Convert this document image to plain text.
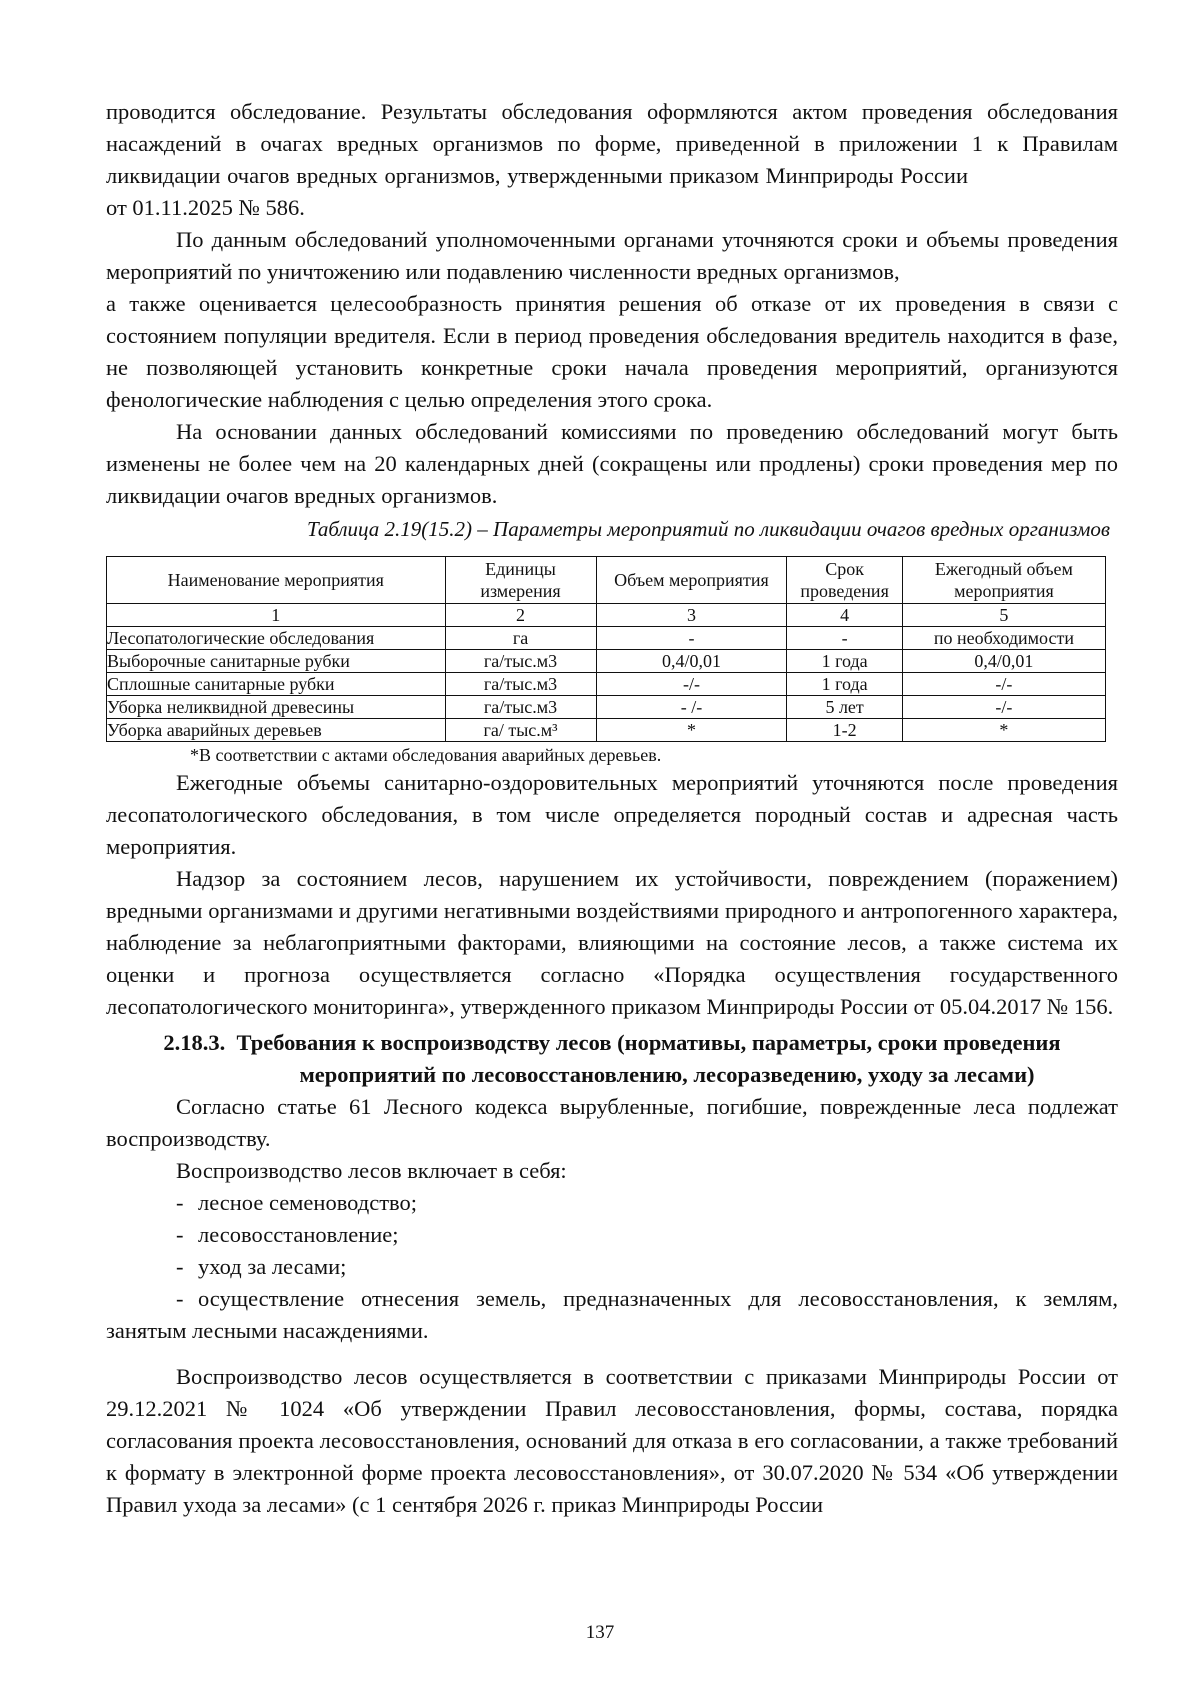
проводится обследование. Результаты обследования оформляются актом проведения обследования насаждений в очагах вредных организмов по форме, приведенной в приложении 1 к Правилам ликвидации очагов вредных организмов, утвержденными приказом Минприроды Россииот 01.11.2025 № 586.

По данным обследований уполномоченными органами уточняются сроки и объемы проведения мероприятий по уничтожению или подавлению численности вредных организмов,

а также оценивается целесообразность принятия решения об отказе от их проведения в связи с состоянием популяции вредителя. Если в период проведения обследования вредитель находится в фазе, не позволяющей установить конкретные сроки начала проведения мероприятий, организуются фенологические наблюдения с целью определения этого срока.

На основании данных обследований комиссиями по проведению обследований могут быть изменены не более чем на 20 календарных дней (сокращены или продлены) сроки проведения мер по ликвидации очагов вредных организмов.

Таблица 2.19(15.2) – Параметры мероприятий по ликвидации очагов вредных организмов

Наименование мероприятия	Единицы измерения	Объем мероприятия	Срок проведения	Ежегодный объем мероприятия
1	2	3	4	5
Лесопатологические обследования	га	-	-	по необходимости
Выборочные санитарные рубки	га/тыс.м3	0,4/0,01	1 года	0,4/0,01
Сплошные санитарные рубки	га/тыс.м3	-/-	1 года	-/-
Уборка неликвидной древесины	га/тыс.м3	- /-	5 лет	-/-
Уборка аварийных деревьев	га/ тыс.м³	*	1-2	*
*В соответствии с актами обследования аварийных деревьев.

Ежегодные объемы санитарно-оздоровительных мероприятий уточняются после проведения лесопатологического обследования, в том числе определяется породный состав и адресная часть мероприятия.

Надзор за состоянием лесов, нарушением их устойчивости, повреждением (поражением) вредными организмами и другими негативными воздействиями природного и антропогенного характера, наблюдение за неблагоприятными факторами, влияющими на состояние лесов, а также система их оценки и прогноза осуществляется согласно «Порядка осуществления государственного лесопатологического мониторинга», утвержденного приказом Минприроды России от 05.04.2017 № 156.

2.18.3. Требования к воспроизводству лесов (нормативы, параметры, сроки проведения
мероприятий по лесовосстановлению, лесоразведению, уходу за лесами)

Согласно статье 61 Лесного кодекса вырубленные, погибшие, поврежденные леса подлежат воспроизводству.

Воспроизводство лесов включает в себя:

- лесное семеноводство;

- лесовосстановление;

- уход за лесами;

- осуществление отнесения земель, предназначенных для лесовосстановления, к землям, занятым лесными насаждениями.

Воспроизводство лесов осуществляется в соответствии с приказами Минприроды России от 29.12.2021 № 1024 «Об утверждении Правил лесовосстановления, формы, состава, порядка согласования проекта лесовосстановления, оснований для отказа в его согласовании, а также требований к формату в электронной форме проекта лесовосстановления», от 30.07.2020 № 534 «Об утверждении Правил ухода за лесами» (с 1 сентября 2026 г. приказ Минприроды России

137
